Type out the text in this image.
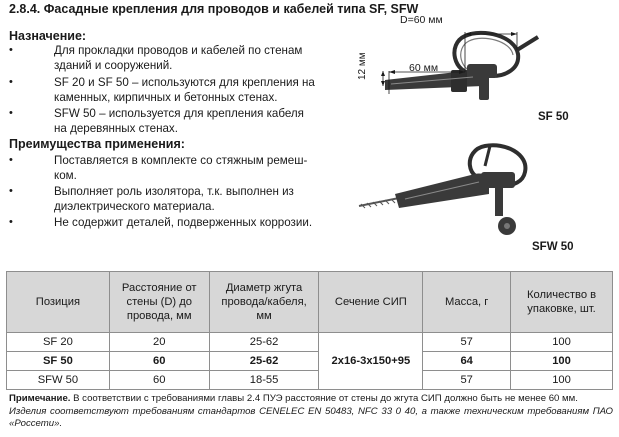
2.8.4. Фасадные крепления для проводов и кабелей типа SF, SFW
Назначение:
•	Для прокладки проводов и кабелей по стенам
зданий и сооружений.
•	SF 20 и SF 50 – используются для крепления на
каменных, кирпичных и бетонных стенах.
•	SFW 50 – используется для крепления кабеля
на деревянных стенах.
Преимущества применения:
•	Поставляется в комплекте со стяжным ремеш-
ком.
•	Выполняет роль изолятора, т.к. выполнен из
диэлектрического материала.
•	Не содержит деталей, подверженных коррозии.
D=60 мм
60 мм
12 мм
SF 50
SFW 50
Позиция	Расстояние от
стены (D) до
провода, мм	Диаметр жгута
провода/кабеля,
мм	Сечение СИП	Масса, г	Количество в
упаковке, шт.
SF 20	20	25-62	2х16-3х150+95	57	100
SF 50	60	25-62		64	100
SFW 50	60	18-55		57	100
Примечание. В соответствии с требованиями главы 2.4 ПУЭ расстояние от стены до жгута СИП должно быть не менее 60 мм.
Изделия соответствуют требованиям стандартов CENELEC EN 50483, NFC 33 0 40, а также техническим требованиям ПАО «Россети».
